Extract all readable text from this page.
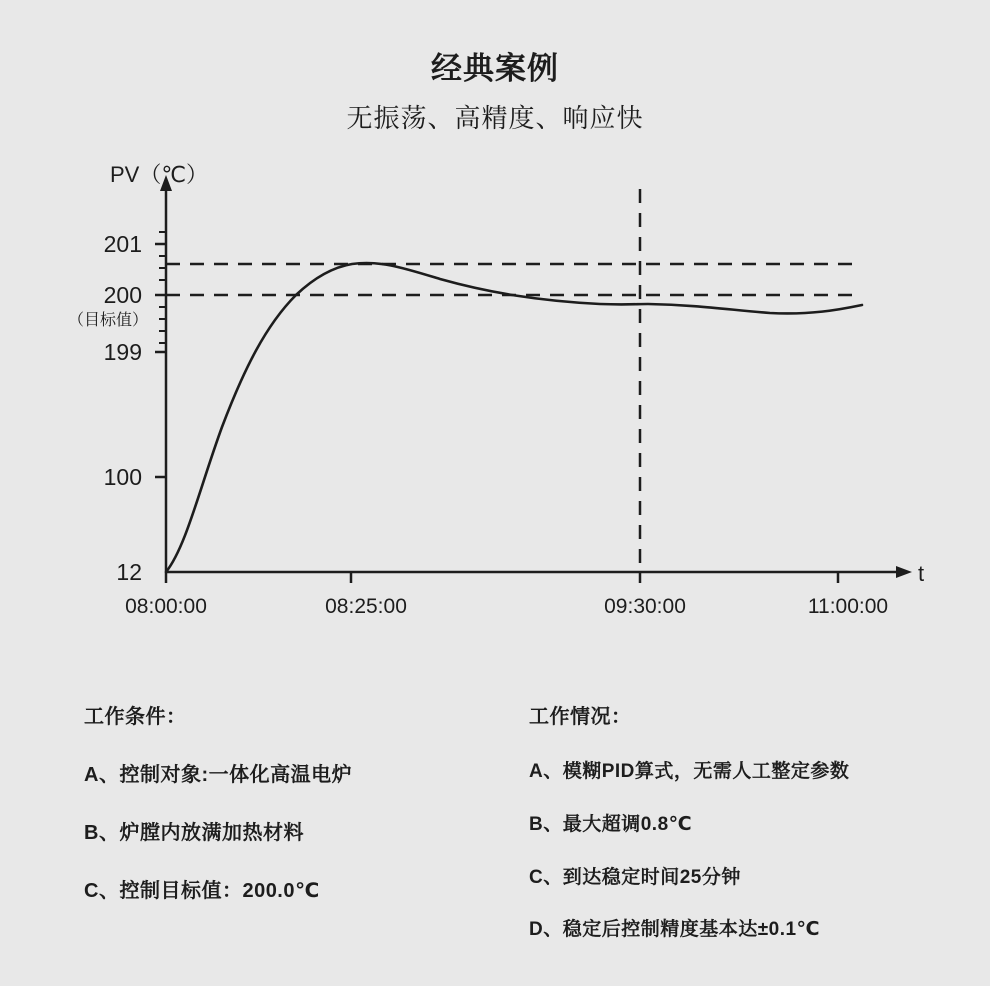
经典案例
无振荡、高精度、响应快
PV（℃）
t
201
200
（目标值）
199
100
12
08:00:00	08:25:00	09:30:00	11:00:00

工作条件：

A、控制对象:一体化高温电炉

B、炉膛内放满加热材料

C、控制目标值：200.0℃

工作情况：

A、模糊PID算式，无需人工整定参数

B、最大超调0.8℃

C、到达稳定时间25分钟

D、稳定后控制精度基本达±0.1℃
